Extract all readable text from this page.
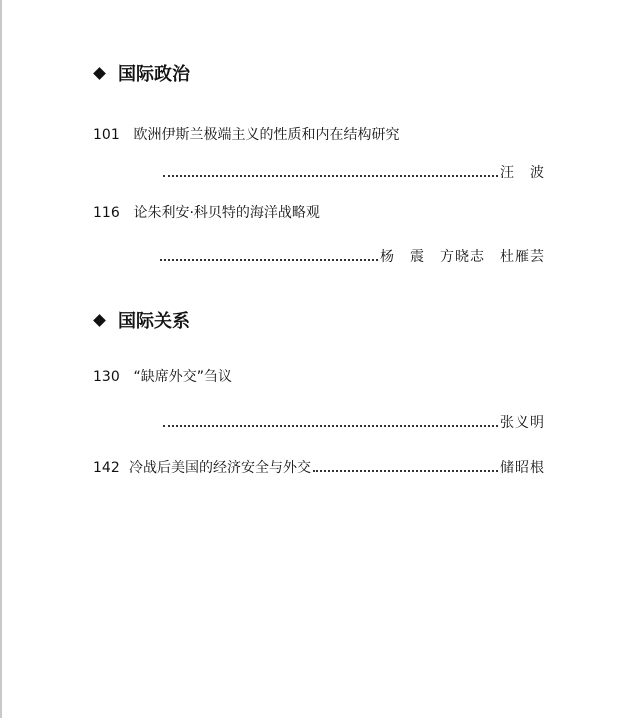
国际政治
101 欧洲伊斯兰极端主义的性质和内在结构研究
汪　波
116 论朱利安·科贝特的海洋战略观
杨　震　方晓志　杜雁芸
国际关系
130 “缺席外交”刍议
张义明
142 冷战后美国的经济安全与外交	储昭根
